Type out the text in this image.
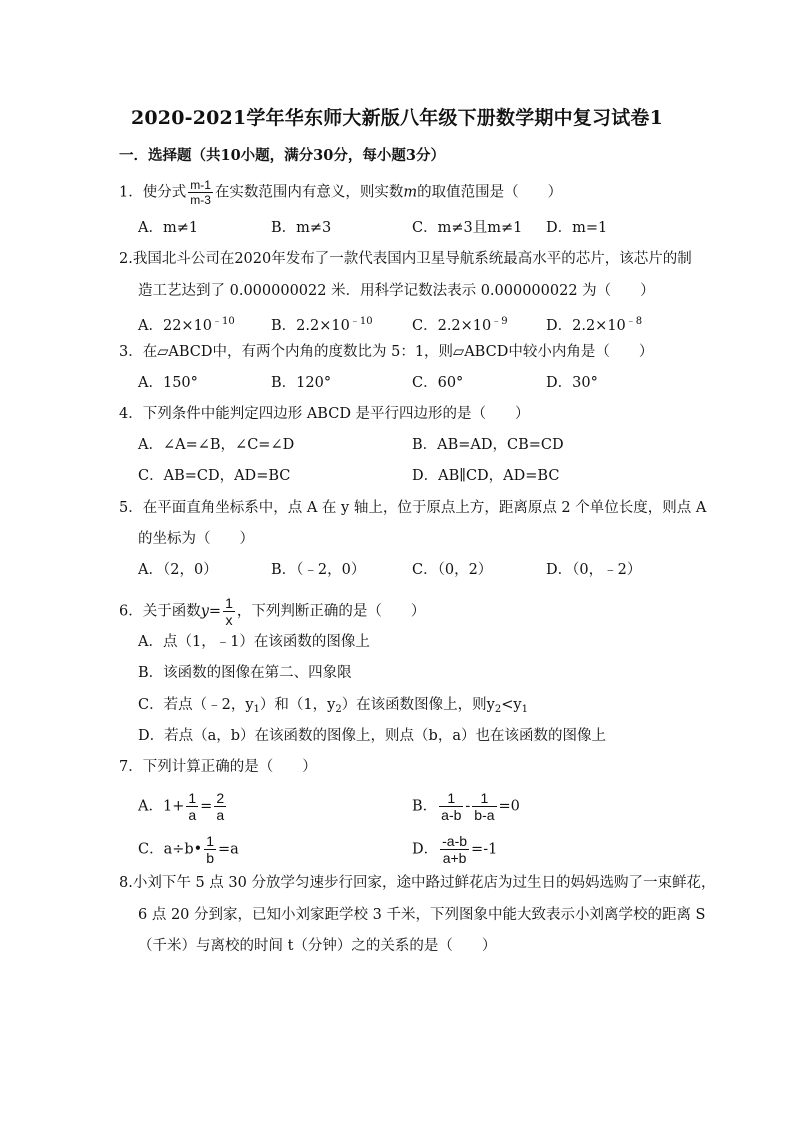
2020-2021学年华东师大新版八年级下册数学期中复习试卷1
一．选择题（共10小题，满分30分，每小题3分）
1．使分式 $\frac{m-1}{m-3}$ 在实数范围内有意义，则实数m的取值范围是（　　）
A．m≠1	B．m≠3	C．m≠3且m≠1 D．m=1
2.我国北斗公司在2020年发布了一款代表国内卫星导航系统最高水平的芯片，该芯片的制
造工艺达到了 0.000000022 米．用科学记数法表示 0.000000022 为（　　）
A．$22\times 10^{﹣10}$ B．$2.2\times 10^{﹣10}$	C．$2.2\times 10^{﹣9}$	D．$2.2\times 10^{﹣8}$
3．在▱ABCD中，有两个内角的度数比为 5：1，则▱ABCD中较小内角是（　　）
A．150°	B．120°	C．60°	D．30°
4．下列条件中能判定四边形 ABCD 是平行四边形的是（　　）
A．∠A=∠B，∠C=∠D	B．AB=AD，CB=CD
C．AB=CD，AD=BC	D．AB∥CD，AD=BC
5．在平面直角坐标系中，点 A 在 y 轴上，位于原点上方，距离原点 2 个单位长度，则点 A
的坐标为（　　）
A．（2，0）	B．（﹣2，0）	C．（0，2）	D．（0，﹣2）
6．关于函数$y= \frac{1}{x}$ ，下列判断正确的是（　　）
A．点（1，﹣1）在该函数的图像上
B．该函数的图像在第二、四象限
C．若点（﹣2，$y_1$）和（1，$y_2$）在该函数图像上，则$y_2<y_1$
D．若点（a，b）在该函数的图像上，则点（b，a）也在该函数的图像上
7．下列计算正确的是（　　）
A．$1+ \frac{1}{a} = \frac{2}{a}$	B． $\frac{1}{a-b} - \frac{1}{b-a} =0$
C．a÷b• $\frac{1}{b} =a$	D． $\frac{-a-b}{a+b} =-1$
8.小刘下午 5 点 30 分放学匀速步行回家，途中路过鲜花店为过生日的妈妈选购了一束鲜花，
6 点 20 分到家，已知小刘家距学校 3 千米，下列图象中能大致表示小刘离学校的距离 S
（千米）与离校的时间 t（分钟）之的关系的是（　　）
